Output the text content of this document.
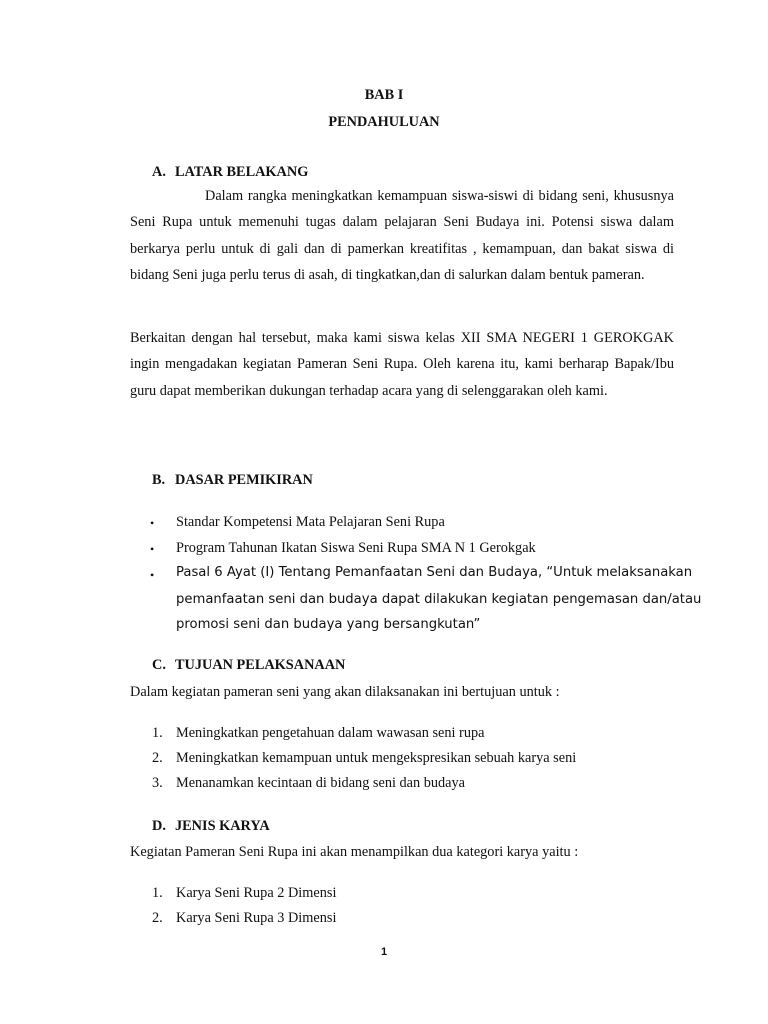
BAB I
PENDAHULUAN
A. LATAR BELAKANG
Dalam rangka meningkatkan kemampuan siswa-siswi di bidang seni, khususnya Seni Rupa untuk memenuhi tugas dalam pelajaran Seni Budaya ini. Potensi siswa dalam berkarya perlu untuk di gali dan di pamerkan kreatifitas , kemampuan, dan bakat siswa di bidang Seni juga perlu terus di asah, di tingkatkan,dan di salurkan dalam bentuk pameran.
Berkaitan dengan hal tersebut, maka kami siswa kelas XII SMA NEGERI 1 GEROKGAK ingin mengadakan kegiatan Pameran Seni Rupa. Oleh karena itu, kami berharap Bapak/Ibu guru dapat memberikan dukungan terhadap acara yang di selenggarakan oleh kami.
B. DASAR PEMIKIRAN
• Standar Kompetensi Mata Pelajaran Seni Rupa
• Program Tahunan Ikatan Siswa Seni Rupa SMA N 1 Gerokgak
• Pasal 6 Ayat (I) Tentang Pemanfaatan Seni dan Budaya, “Untuk melaksanakan
pemanfaatan seni dan budaya dapat dilakukan kegiatan pengemasan dan/atau
promosi seni dan budaya yang bersangkutan”
C. TUJUAN PELAKSANAAN
Dalam kegiatan pameran seni yang akan dilaksanakan ini bertujuan untuk :
1. Meningkatkan pengetahuan dalam wawasan seni rupa
2. Meningkatkan kemampuan untuk mengekspresikan sebuah karya seni
3. Menanamkan kecintaan di bidang seni dan budaya
D. JENIS KARYA
Kegiatan Pameran Seni Rupa ini akan menampilkan dua kategori karya yaitu :
1. Karya Seni Rupa 2 Dimensi
2. Karya Seni Rupa 3 Dimensi
1
